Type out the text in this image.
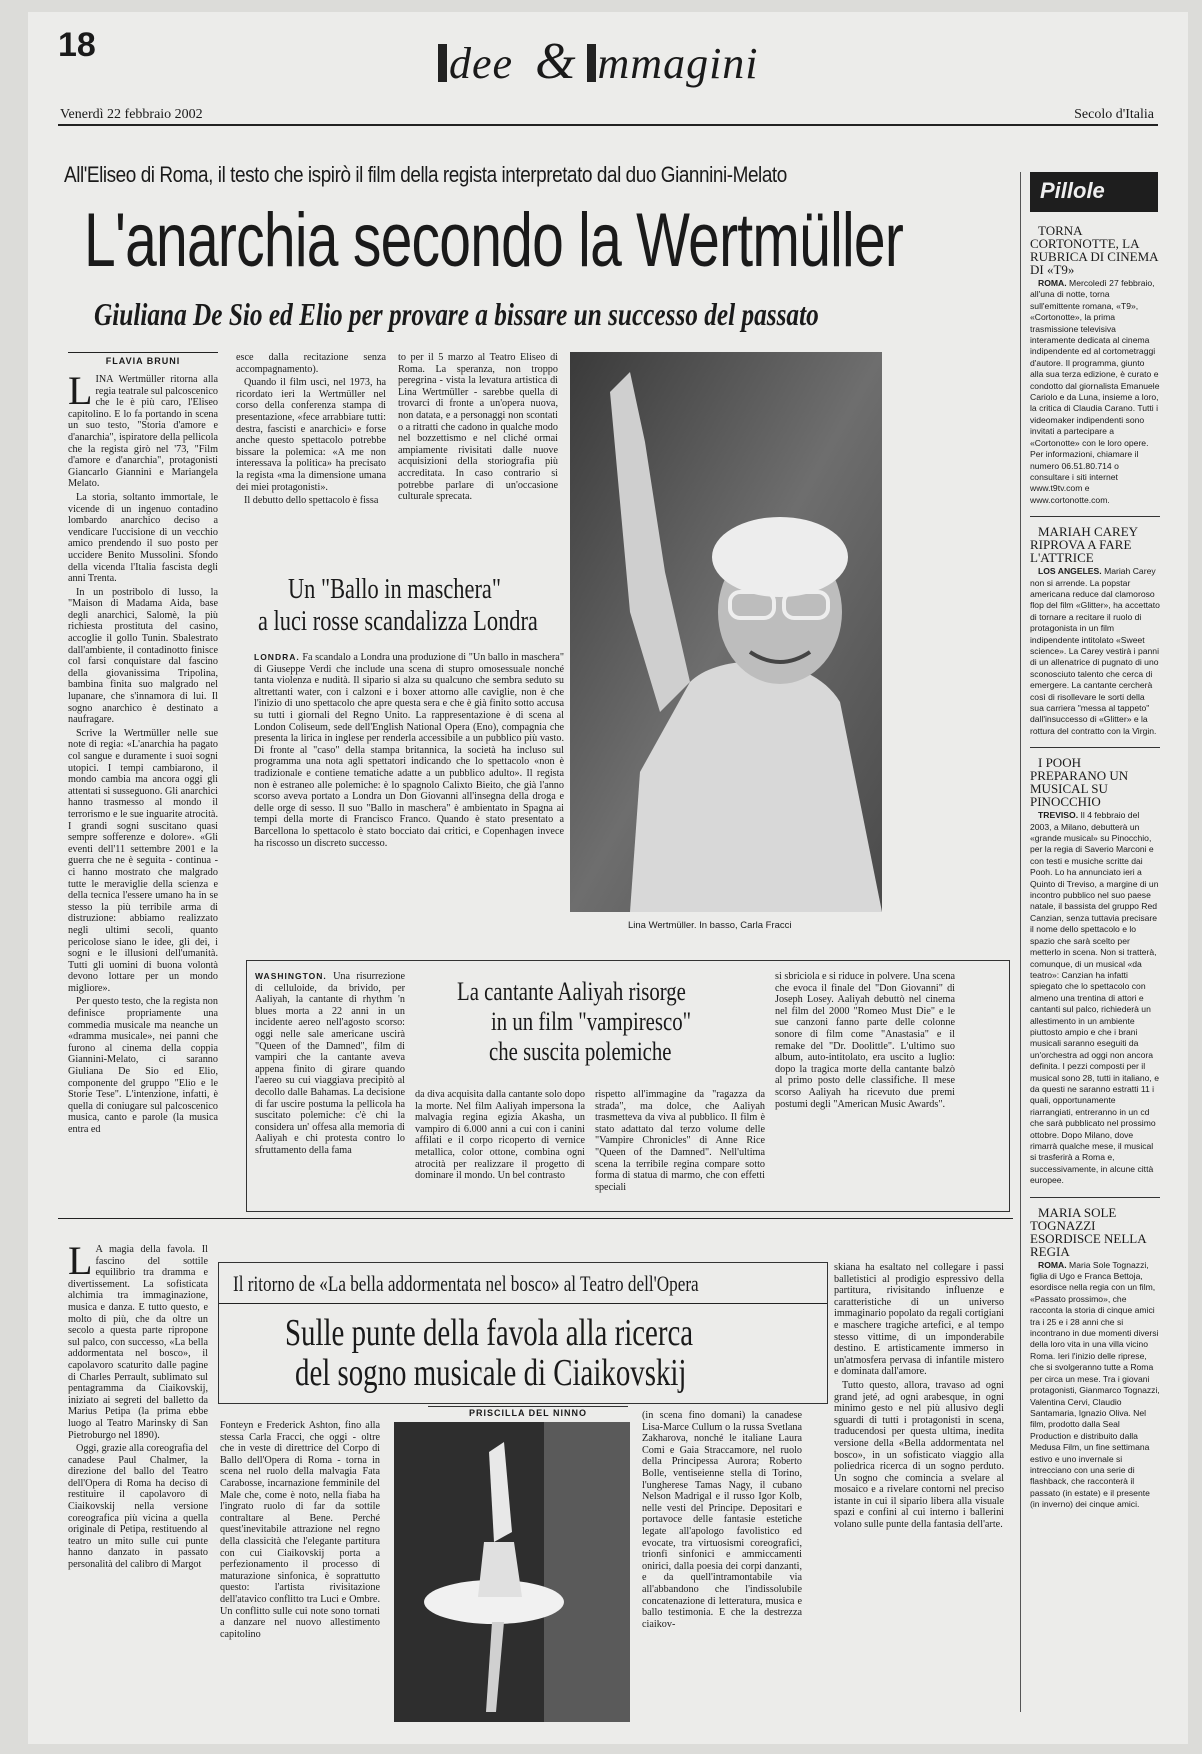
18	dee & mmagini
Venerdì 22 febbraio 2002	Secolo d'Italia
All'Eliseo di Roma, il testo che ispirò il film della regista interpretato dal duo Giannini-Melato
L'anarchia secondo la Wertmüller
Giuliana De Sio ed Elio per provare a bissare un successo del passato
FLAVIA BRUNI

LINA Wertmüller ritorna alla regia teatrale sul palcoscenico che le è più caro, l'Eliseo capitolino. E lo fa portando in scena un suo testo, "Storia d'amore e d'anarchia", ispiratore della pellicola che la regista girò nel '73, "Film d'amore e d'anarchia", protagonisti Giancarlo Giannini e Mariangela Melato.

La storia, soltanto immortale, le vicende di un ingenuo contadino lombardo anarchico deciso a vendicare l'uccisione di un vecchio amico prendendo il suo posto per uccidere Benito Mussolini. Sfondo della vicenda l'Italia fascista degli anni Trenta.

In un postribolo di lusso, la "Maison di Madama Aida, base degli anarchici, Salomè, la più richiesta prostituta del casino, accoglie il gollo Tunin. Sbalestrato dall'ambiente, il contadinotto finisce col farsi conquistare dal fascino della giovanissima Tripolina, bambina finita suo malgrado nel lupanare, che s'innamora di lui. Il sogno anarchico è destinato a naufragare.

Scrive la Wertmüller nelle sue note di regia: «L'anarchia ha pagato col sangue e duramente i suoi sogni utopici. I tempi cambiarono, il mondo cambia ma ancora oggi gli attentati si susseguono. Gli anarchici hanno trasmesso al mondo il terrorismo e le sue inguarite atrocità. I grandi sogni suscitano quasi sempre sofferenze e dolore». «Gli eventi dell'11 settembre 2001 e la guerra che ne è seguita - continua - ci hanno mostrato che malgrado tutte le meraviglie della scienza e della tecnica l'essere umano ha in se stesso la più terribile arma di distruzione: abbiamo realizzato negli ultimi secoli, quanto pericolose siano le idee, gli dei, i sogni e le illusioni dell'umanità. Tutti gli uomini di buona volontà devono lottare per un mondo migliore».

Per questo testo, che la regista non definisce propriamente una commedia musicale ma neanche un «dramma musicale», nei panni che furono al cinema della coppia Giannini-Melato, ci saranno Giuliana De Sio ed Elio, componente del gruppo "Elio e le Storie Tese". L'intenzione, infatti, è quella di coniugare sul palcoscenico musica, canto e parole (la musica entra ed

esce dalla recitazione senza accompagnamento).

Quando il film uscì, nel 1973, ha ricordato ieri la Wertmüller nel corso della conferenza stampa di presentazione, «fece arrabbiare tutti: destra, fascisti e anarchici» e forse anche questo spettacolo potrebbe bissare la polemica: «A me non interessava la politica» ha precisato la regista «ma la dimensione umana dei miei protagonisti».

Il debutto dello spettacolo è fissa

to per il 5 marzo al Teatro Eliseo di Roma. La speranza, non troppo peregrina - vista la levatura artistica di Lina Wertmüller - sarebbe quella di trovarci di fronte a un'opera nuova, non datata, e a personaggi non scontati o a ritratti che cadono in qualche modo nel bozzettismo e nel cliché ormai ampiamente rivisitati dalle nuove acquisizioni della storiografia più accreditata. In caso contrario si potrebbe parlare di un'occasione culturale sprecata.

Lina Wertmüller. In basso, Carla Fracci
Un "Ballo in maschera"
a luci rosse scandalizza Londra

LONDRA. Fa scandalo a Londra una produzione di "Un ballo in maschera" di Giuseppe Verdi che include una scena di stupro omosessuale nonché tanta violenza e nudità. Il sipario si alza su qualcuno che sembra seduto su altrettanti water, con i calzoni e i boxer attorno alle caviglie, non è che l'inizio di uno spettacolo che apre questa sera e che è già finito sotto accusa su tutti i giornali del Regno Unito. La rappresentazione è di scena al London Coliseum, sede dell'English National Opera (Eno), compagnia che presenta la lirica in inglese per renderla accessibile a un pubblico più vasto. Di fronte al "caso" della stampa britannica, la società ha incluso sul programma una nota agli spettatori indicando che lo spettacolo «non è tradizionale e contiene tematiche adatte a un pubblico adulto». Il regista non è estraneo alle polemiche: è lo spagnolo Calixto Bieito, che già l'anno scorso aveva portato a Londra un Don Giovanni all'insegna della droga e delle orge di sesso. Il suo "Ballo in maschera" è ambientato in Spagna ai tempi della morte di Francisco Franco. Quando è stato presentato a Barcellona lo spettacolo è stato bocciato dai critici, e Copenhagen invece ha riscosso un discreto successo.

WASHINGTON. Una risurrezione di celluloide, da brivido, per Aaliyah, la cantante di rhythm 'n blues morta a 22 anni in un incidente aereo nell'agosto scorso: oggi nelle sale americane uscirà "Queen of the Damned", film di vampiri che la cantante aveva appena finito di girare quando l'aereo su cui viaggiava precipitò al decollo dalle Bahamas. La decisione di far uscire postuma la pellicola ha suscitato polemiche: c'è chi la considera un' offesa alla memoria di Aaliyah e chi protesta contro lo sfruttamento della fama

La cantante Aaliyah risorge
in un film "vampiresco"
che suscita polemiche

da diva acquisita dalla cantante solo dopo la morte. Nel film Aaliyah impersona la malvagia regina egizia Akasha, un vampiro di 6.000 anni a cui con i canini affilati e il corpo ricoperto di vernice metallica, color ottone, combina ogni atrocità per realizzare il progetto di dominare il mondo. Un bel contrasto

rispetto all'immagine da "ragazza da strada", ma dolce, che Aaliyah trasmetteva da viva al pubblico. Il film è stato adattato dal terzo volume delle "Vampire Chronicles" di Anne Rice "Queen of the Damned". Nell'ultima scena la terribile regina compare sotto forma di statua di marmo, che con effetti speciali

si sbriciola e si riduce in polvere. Una scena che evoca il finale del "Don Giovanni" di Joseph Losey. Aaliyah debuttò nel cinema nel film del 2000 "Romeo Must Die" e le sue canzoni fanno parte delle colonne sonore di film come "Anastasia" e il remake del "Dr. Doolittle". L'ultimo suo album, auto-intitolato, era uscito a luglio: dopo la tragica morte della cantante balzò al primo posto delle classifiche. Il mese scorso Aaliyah ha ricevuto due premi postumi degli "American Music Awards".

Pillole

TORNA CORTONOTTE, LA RUBRICA DI CINEMA DI «T9»

ROMA. Mercoledì 27 febbraio, all'una di notte, torna sull'emittente romana, «T9», «Cortonotte», la prima trasmissione televisiva interamente dedicata al cinema indipendente ed al cortometraggi d'autore. Il programma, giunto alla sua terza edizione, è curato e condotto dal giornalista Emanuele Cariolo e da Luna, insieme a loro, la critica di Claudia Carano. Tutti i videomaker indipendenti sono invitati a partecipare a «Cortonotte» con le loro opere. Per informazioni, chiamare il numero 06.51.80.714 o consultare i siti internet www.t9tv.com e www.cortonotte.com.

MARIAH CAREY RIPROVA A FARE L'ATTRICE

LOS ANGELES. Mariah Carey non si arrende. La popstar americana reduce dal clamoroso flop del film «Glitter», ha accettato di tornare a recitare il ruolo di protagonista in un film indipendente intitolato «Sweet science». La Carey vestirà i panni di un allenatrice di pugnato di uno sconosciuto talento che cerca di emergere. La cantante cercherà così di risollevare le sorti della sua carriera "messa al tappeto" dall'insuccesso di «Glitter» e la rottura del contratto con la Virgin.

I POOH PREPARANO UN MUSICAL SU PINOCCHIO

TREVISO. Il 4 febbraio del 2003, a Milano, debutterà un «grande musical» su Pinocchio, per la regia di Saverio Marconi e con testi e musiche scritte dai Pooh. Lo ha annunciato ieri a Quinto di Treviso, a margine di un incontro pubblico nel suo paese natale, il bassista del gruppo Red Canzian, senza tuttavia precisare il nome dello spettacolo e lo spazio che sarà scelto per metterlo in scena. Non si tratterà, comunque, di un musical «da teatro»: Canzian ha infatti spiegato che lo spettacolo con almeno una trentina di attori e cantanti sul palco, richiederà un allestimento in un ambiente piuttosto ampio e che i brani musicali saranno eseguiti da un'orchestra ad oggi non ancora definita. I pezzi composti per il musical sono 28, tutti in italiano, e da questi ne saranno estratti 11 i quali, opportunamente riarrangiati, entreranno in un cd che sarà pubblicato nel prossimo ottobre. Dopo Milano, dove rimarrà qualche mese, il musical si trasferirà a Roma e, successivamente, in alcune città europee.

MARIA SOLE TOGNAZZI ESORDISCE NELLA REGIA

ROMA. Maria Sole Tognazzi, figlia di Ugo e Franca Bettoja, esordisce nella regia con un film, «Passato prossimo», che racconta la storia di cinque amici tra i 25 e i 28 anni che si incontrano in due momenti diversi della loro vita in una villa vicino Roma. Ieri l'inizio delle riprese, che si svolgeranno tutte a Roma per circa un mese. Tra i giovani protagonisti, Gianmarco Tognazzi, Valentina Cervi, Claudio Santamaria, Ignazio Oliva. Nel film, prodotto dalla Seal Production e distribuito dalla Medusa Film, un fine settimana estivo e uno invernale si intrecciano con una serie di flashback, che racconterà il passato (in estate) e il presente (in inverno) dei cinque amici.

L A magia della favola. Il fascino del sottile equilibrio tra dramma e divertissement. La sofisticata alchimia tra immaginazione, musica e danza. E tutto questo, e molto di più, che da oltre un secolo a questa parte ripropone sul palco, con successo, «La bella addormentata nel bosco», il capolavoro scaturito dalle pagine di Charles Perrault, sublimato sul pentagramma da Ciaikovskij, iniziato ai segreti del balletto da Marius Petipa (la prima ebbe luogo al Teatro Marinsky di San Pietroburgo nel 1890).

Oggi, grazie alla coreografia del canadese Paul Chalmer, la direzione del ballo del Teatro dell'Opera di Roma ha deciso di restituire il capolavoro di Ciaikovskij nella versione coreografica più vicina a quella originale di Petipa, restituendo al teatro un mito sulle cui punte hanno danzato in passato personalità del calibro di Margot

Il ritorno de «La bella addormentata nel bosco» al Teatro dell'Opera
Sulle punte della favola alla ricerca
del sogno musicale di Ciaikovskij
PRISCILLA DEL NINNO

Fonteyn e Frederick Ashton, fino alla stessa Carla Fracci, che oggi - oltre che in veste di direttrice del Corpo di Ballo dell'Opera di Roma - torna in scena nel ruolo della malvagia Fata Carabosse, incarnazione femminile del Male che, come è noto, nella fiaba ha l'ingrato ruolo di far da sottile contraltare al Bene. Perché quest'inevitabile attrazione nel regno della classicità che l'elegante partitura con cui Ciaikovskij porta a perfezionamento il processo di maturazione sinfonica, è soprattutto questo: l'artista rivisitazione dell'atavico conflitto tra Luci e Ombre. Un conflitto sulle cui note sono tornati a danzare nel nuovo allestimento capitolino

(in scena fino domani) la canadese Lisa-Marce Cullum o la russa Svetlana Zakharova, nonché le italiane Laura Comi e Gaia Straccamore, nel ruolo della Principessa Aurora; Roberto Bolle, ventiseienne stella di Torino, l'ungherese Tamas Nagy, il cubano Nelson Madrigal e il russo Igor Kolb, nelle vesti del Principe. Depositari e portavoce delle fantasie estetiche legate all'apologo favolistico ed evocate, tra virtuosismi coreografici, trionfi sinfonici e ammiccamenti onirici, dalla poesia dei corpi danzanti, e da quell'intramontabile via all'abbandono che l'indissolubile concatenazione di letteratura, musica e ballo testimonia. E che la destrezza ciaikov-

skiana ha esaltato nel collegare i passi balletistici al prodigio espressivo della partitura, rivisitando influenze e caratteristiche di un universo immaginario popolato da regali cortigiani e maschere tragiche artefici, e al tempo stesso vittime, di un imponderabile destino. E artisticamente immerso in un'atmosfera pervasa di infantile mistero e dominata dall'amore.

Tutto questo, allora, travaso ad ogni grand jeté, ad ogni arabesque, in ogni minimo gesto e nel più allusivo degli sguardi di tutti i protagonisti in scena, traducendosi per questa ultima, inedita versione della «Bella addormentata nel bosco», in un sofisticato viaggio alla poliedrica ricerca di un sogno perduto. Un sogno che comincia a svelare al mosaico e a rivelare contorni nel preciso istante in cui il sipario libera alla visuale spazi e confini al cui interno i ballerini volano sulle punte della fantasia dell'arte.
